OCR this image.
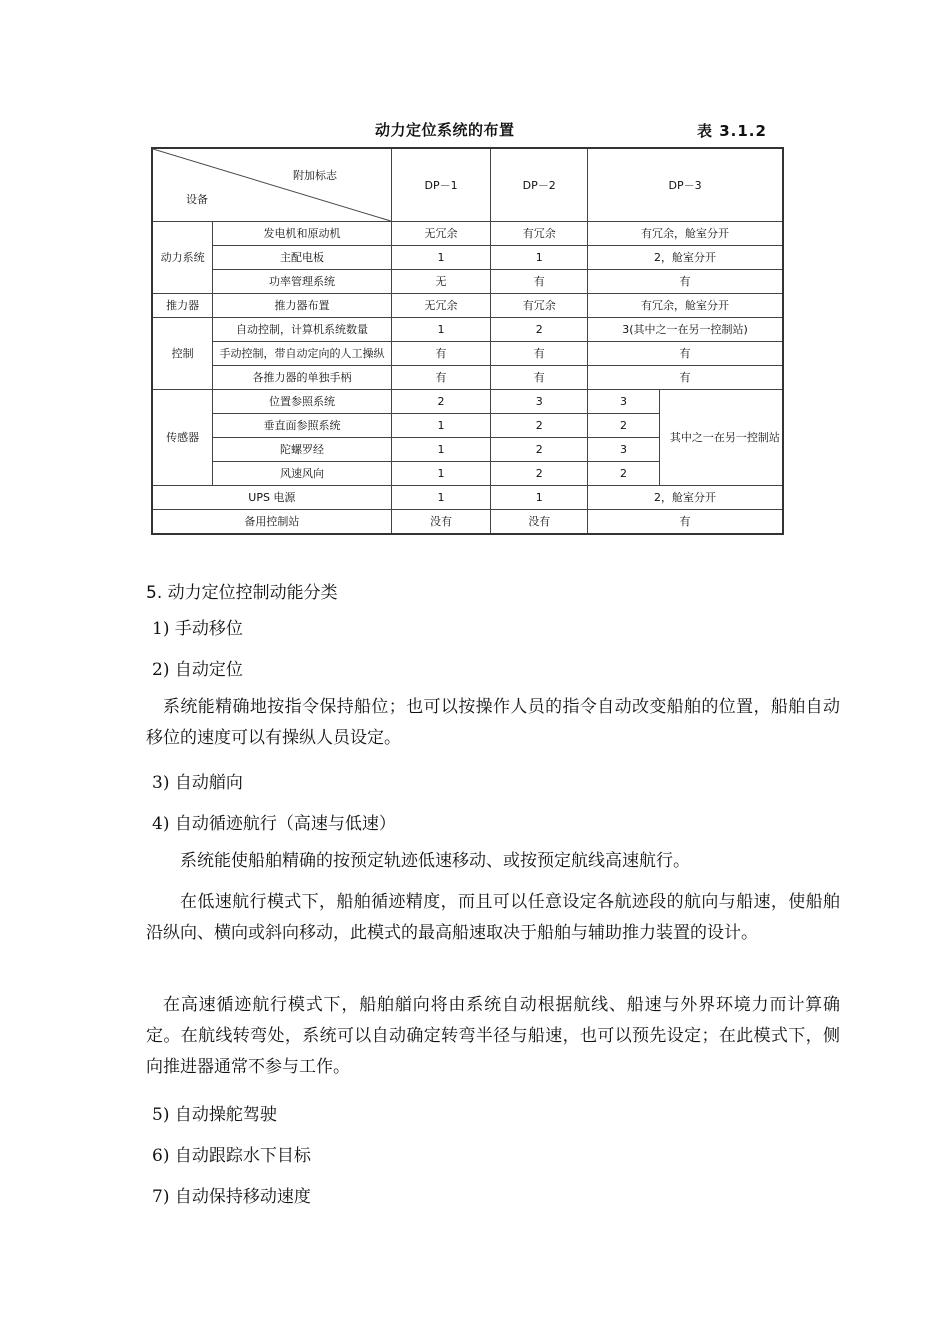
动力定位系统的布置	表 3.1.2
附加标志
设备		DP－1	DP－2	DP－3	
动力系统	发电机和原动机	无冗余	有冗余	有冗余，舱室分开	
	主配电板	1	1	2，舱室分开	
	功率管理系统	无	有	有	
推力器	推力器布置	无冗余	有冗余	有冗余，舱室分开	
控制	自动控制，计算机系统数量	1	2	3(其中之一在另一控制站)	
	手动控制，带自动定向的人工操纵	有	有	有	
	各推力器的单独手柄	有	有	有	
传感器	位置参照系统	2	3	3	其中之一在另一控制站
	垂直面参照系统	1	2	2	
	陀螺罗经	1	2	3	
	风速风向	1	2	2	
UPS 电源		1	1	2，舱室分开	
备用控制站		没有	没有	有	
5. 动力定位控制动能分类
1) 手动移位
2) 自动定位
系统能精确地按指令保持船位；也可以按操作人员的指令自动改变船舶的位置，船舶自动移位的速度可以有操纵人员设定。
3) 自动艏向
4) 自动循迹航行（高速与低速）
系统能使船舶精确的按预定轨迹低速移动、或按预定航线高速航行。
在低速航行模式下，船舶循迹精度，而且可以任意设定各航迹段的航向与船速，使船舶沿纵向、横向或斜向移动，此模式的最高船速取决于船舶与辅助推力装置的设计。
在高速循迹航行模式下，船舶艏向将由系统自动根据航线、船速与外界环境力而计算确定。在航线转弯处，系统可以自动确定转弯半径与船速，也可以预先设定；在此模式下，侧向推进器通常不参与工作。
5) 自动操舵驾驶
6) 自动跟踪水下目标
7) 自动保持移动速度
